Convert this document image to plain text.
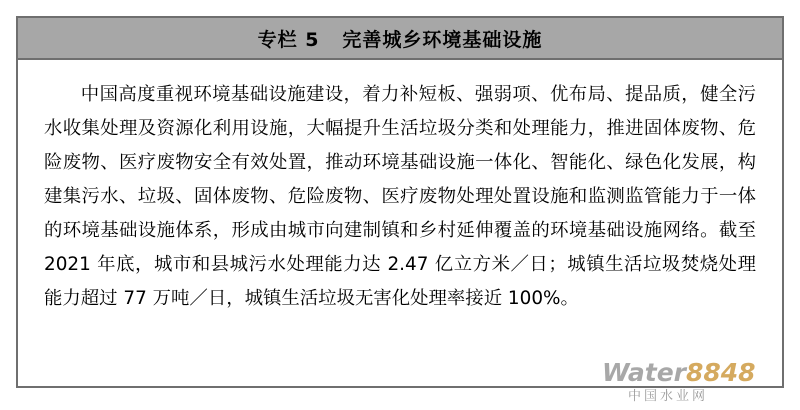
专栏 5   完善城乡环境基础设施

中国高度重视环境基础设施建设，着力补短板、强弱项、优布局、提品质，健全污水收集处理及资源化利用设施，大幅提升生活垃圾分类和处理能力，推进固体废物、危险废物、医疗废物安全有效处置，推动环境基础设施一体化、智能化、绿色化发展，构建集污水、垃圾、固体废物、危险废物、医疗废物处理处置设施和监测监管能力于一体的环境基础设施体系，形成由城市向建制镇和乡村延伸覆盖的环境基础设施网络。截至 2021 年底，城市和县城污水处理能力达 2.47 亿立方米／日；城镇生活垃圾焚烧处理能力超过 77 万吨／日，城镇生活垃圾无害化处理率接近 100%。

Water8848
中国水业网
